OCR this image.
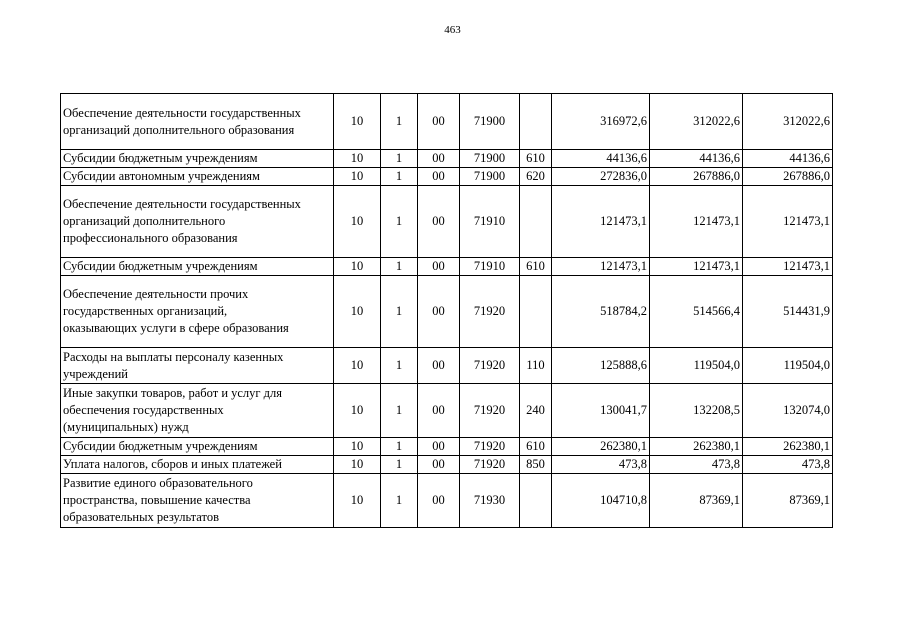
463
Обеспечение деятельности государственных
организаций дополнительного образования	10	1	00	71900		316972,6	312022,6	312022,6

Субсидии бюджетным учреждениям	10	1	00	71900	610	44136,6	44136,6	44136,6

Субсидии автономным учреждениям	10	1	00	71900	620	272836,0	267886,0	267886,0

Обеспечение деятельности государственных
организаций дополнительного
профессионального образования	10	1	00	71910		121473,1	121473,1	121473,1

Субсидии бюджетным учреждениям	10	1	00	71910	610	121473,1	121473,1	121473,1

Обеспечение деятельности прочих
государственных организаций,
оказывающих услуги в сфере образования	10	1	00	71920		518784,2	514566,4	514431,9

Расходы на выплаты персоналу казенных
учреждений	10	1	00	71920	110	125888,6	119504,0	119504,0

Иные закупки товаров, работ и услуг для
обеспечения государственных
(муниципальных) нужд	10	1	00	71920	240	130041,7	132208,5	132074,0

Субсидии бюджетным учреждениям	10	1	00	71920	610	262380,1	262380,1	262380,1

Уплата налогов, сборов и иных платежей	10	1	00	71920	850	473,8	473,8	473,8

Развитие единого образовательного
пространства, повышение качества
образовательных результатов	10	1	00	71930		104710,8	87369,1	87369,1
